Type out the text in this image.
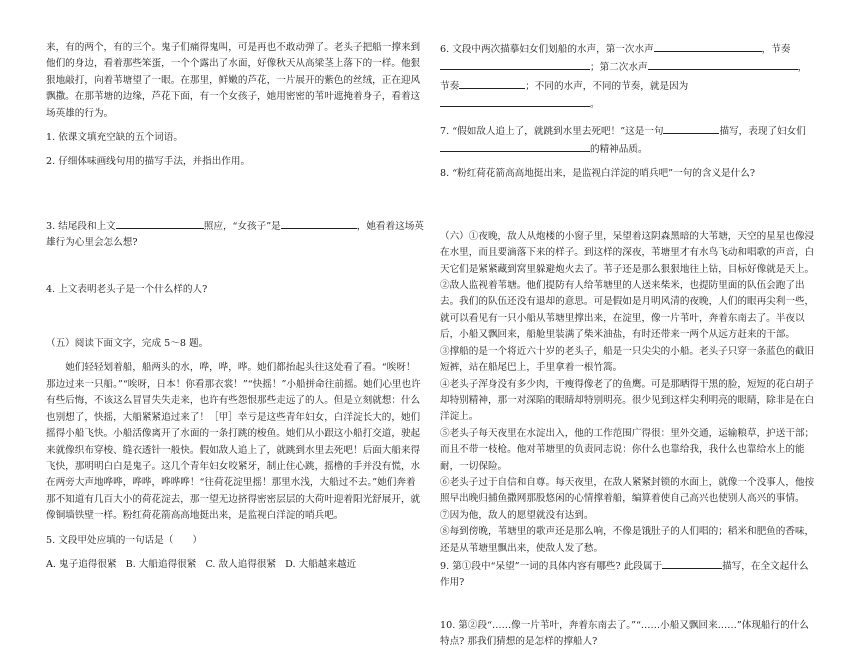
来，有的两个，有的三个。鬼子们痛得鬼叫，可是再也不敢动弹了。老头子把船一撑来到他们的身边，看着那些笨蛋，一个个露出了水面，好像秋天从高梁茎上落下的一样。他狠狠地敲打，向着苇塘望了一眼。在那里，鲜嫩的芦花，一片展开的紫色的丝绒，正在迎风飘撒。在那苇塘的边缘，芦花下面，有一个女孩子，她用密密的苇叶遮掩着身子，看着这场英雄的行为。

1. 依课文填充空缺的五个词语。

2. 仔细体味画线句用的描写手法，并指出作用。

3. 结尾段和上文	照应，“女孩子”是	，她看着这场英雄行为心里会怎么想?

4. 上文表明老头子是一个什么样的人?

（五）阅读下面文字，完成 5～8 题。

她们轻轻划着船，船两头的水，哗，哗，哗。她们都抬起头往这处看了看。“唉呀！那边过来一只船。”“唉呀，日本！你看那衣裳！”“快摇！”小船拼命往前摇。她们心里也许有些后悔，不该这么冒冒失失走来，也许有些怨恨那些走远了的人。但是立刻就想：什么也别想了，快摇，大船紧紧追过来了！［甲］幸亏是这些青年妇女，白洋淀长大的，她们摇得小船飞快。小船活像离开了水面的一条打跳的梭鱼。她们从小跟这小船打交道，驶起来就像织布穿梭、缝衣透针一般快。假如敌人追上了，就跳到水里去死吧！后面大船来得飞快，那明明白白是鬼子。这几个青年妇女咬紧牙，制止住心跳，摇橹的手并没有慌，水在两旁大声地哗哗，哗哗，哗哗哗！“往荷花淀里摇！那里水浅，大船过不去。”她们奔着那不知道有几百大小的荷花淀去，那一望无边挤得密密层层的大荷叶迎着阳光舒展开，就像铜墙铁壁一样。粉红荷花箭高高地挺出来，是监视白洋淀的哨兵吧。

5. 文段甲处应填的一句话是（　　）

A. 鬼子追得很紧 B. 大船追得很紧 C. 敌人追得很紧 D. 大船越来越近

6. 文段中两次描摹妇女们划船的水声，第一次水声	，节奏；第二次水声	，节奏	；不同的水声，不同的节奏，就是因为。

7. “假如敌人追上了，就跳到水里去死吧！”这是一句	描写，表现了妇女们的精神品质。

8. “粉红荷花箭高高地挺出来，是监视白洋淀的哨兵吧”一句的含义是什么?

（六）①夜晚，敌人从炮楼的小窗子里，呆望着这阴森黑暗的大苇塘，天空的星星也像浸在水里，而且要滴落下来的样子。到这样的深夜，苇塘里才有水鸟飞动和唱歌的声音，白天它们是紧紧藏到窝里躲避炮火去了。苇子还是那么狠狠地往上钻，目标好像就是天上。

②敌人监视着苇塘。他们提防有人给苇塘里的人送来柴米，也提防里面的队伍会跑了出去。我们的队伍还没有退却的意思。可是假如是月明风清的夜晚，人们的眼再尖利一些，就可以看见有一只小船从苇塘里撑出来，在淀里，像一片苇叶，奔着东南去了。半夜以后，小船又飘回来，船舱里装满了柴米油盐，有时还带来一两个从远方赶来的干部。

③撑船的是一个将近六十岁的老头子，船是一只尖尖的小船。老头子只穿一条蓝色的截旧短裤，站在船尾巴上，手里拿着一根竹篙。

④老头子浑身没有多少肉，干瘦得像老了的鱼鹰。可是那晒得干黑的脸，短短的花白胡子却特别精神，那一对深陷的眼睛却特别明亮。很少见到这样尖利明亮的眼睛，除非是在白洋淀上。

⑤老头子每天夜里在水淀出入，他的工作范围广得很：里外交通，运输粮草，护送干部；而且不带一枝枪。他对苇塘里的负责同志说：你什么也靠给我，我什么也靠给水上的能耐，一切保险。

⑥老头子过于自信和自尊。每天夜里，在敌人紧紧封锁的水面上，就像一个没事人，他按照早出晚归捕鱼撒网那股悠闲的心情撑着船，编算着使自己高兴也使别人高兴的事情。

⑦因为他，敌人的愿望就没有达到。

⑧每到傍晚，苇塘里的歌声还是那么响，不像是饿肚子的人们唱的；稻米和肥鱼的香味，还是从苇塘里飘出来，使敌人发了愁。

9. 第①段中“呆望”一词的具体内容有哪些? 此段属于	描写，在全文起什么作用?

10. 第②段“……像一片苇叶，奔着东南去了。”“……小船又飘回来……”体现船行的什么特点? 那我们猜想的是怎样的撑船人?
